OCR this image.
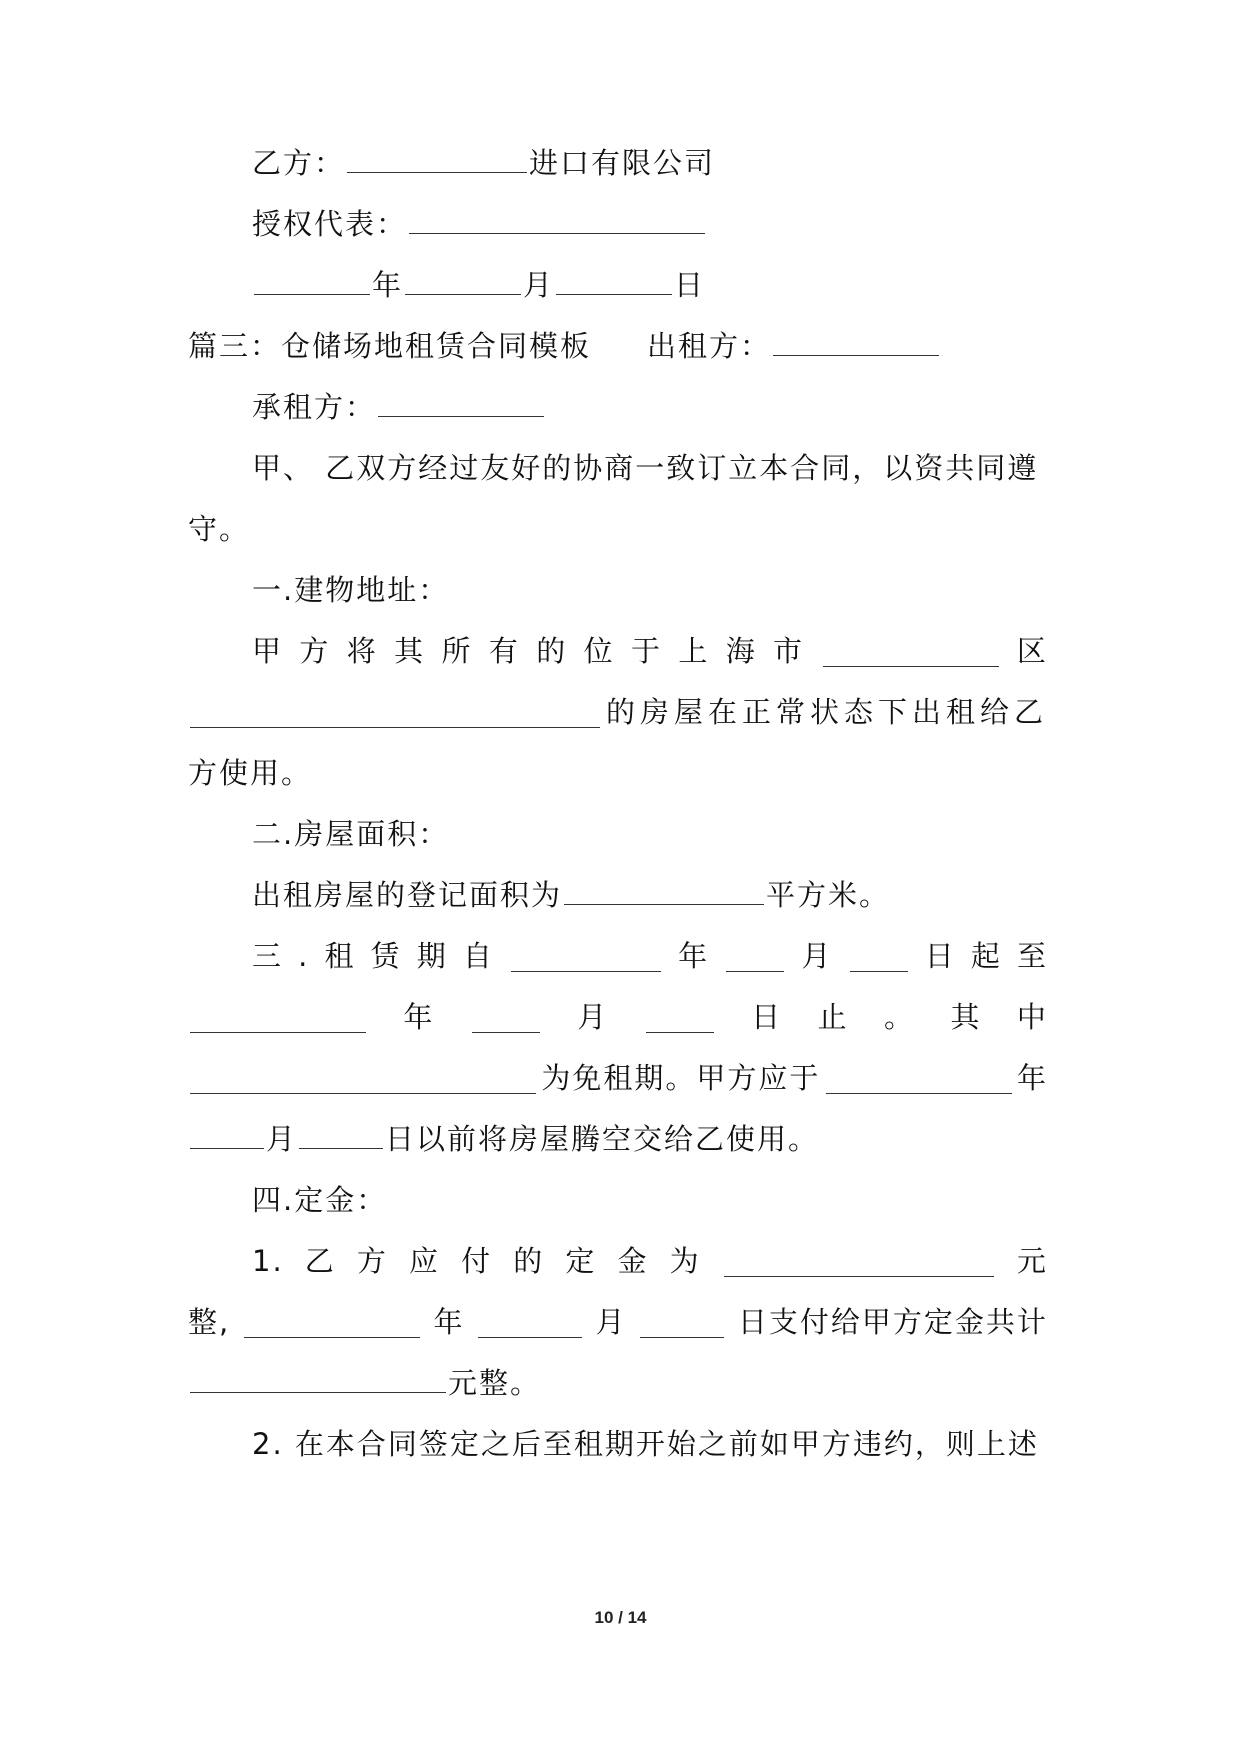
乙方：	进口有限公司
授权代表：
年	月	日
篇三：仓储场地租赁合同模板 出租方：
承租方：
甲、 乙双方经过友好的协商一致订立本合同，以资共同遵
守。
一.建物地址：
甲 方 将 其 所 有 的 位 于 上 海 市	区
的房屋在正常状态下出租给乙
方使用。
二.房屋面积：
出租房屋的登记面积为	平方米。
三 . 租 赁 期 自	年	月	日 起 至
年	月	日 止 。 其 中
为免租期。甲方应于	年
月	日以前将房屋腾空交给乙使用。
四.定金：
1. 乙 方 应 付 的 定 金 为	元
整,	年	月	日支付给甲方定金共计
元整。
2. 在本合同签定之后至租期开始之前如甲方违约，则上述
10 / 14
